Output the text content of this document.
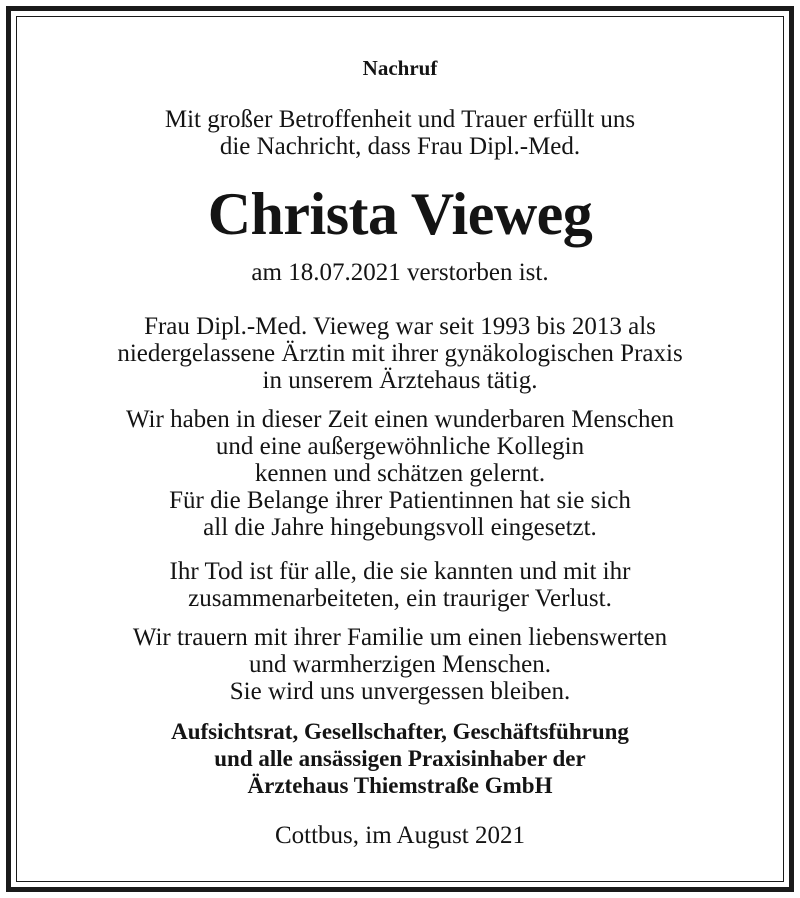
Nachruf
Mit großer Betroffenheit und Trauer erfüllt uns
die Nachricht, dass Frau Dipl.-Med.
Christa Vieweg
am 18.07.2021 verstorben ist.
Frau Dipl.-Med. Vieweg war seit 1993 bis 2013 als
niedergelassene Ärztin mit ihrer gynäkologischen Praxis
in unserem Ärztehaus tätig.
Wir haben in dieser Zeit einen wunderbaren Menschen
und eine außergewöhnliche Kollegin
kennen und schätzen gelernt.
Für die Belange ihrer Patientinnen hat sie sich
all die Jahre hingebungsvoll eingesetzt.
Ihr Tod ist für alle, die sie kannten und mit ihr
zusammenarbeiteten, ein trauriger Verlust.
Wir trauern mit ihrer Familie um einen liebenswerten
und warmherzigen Menschen.
Sie wird uns unvergessen bleiben.
Aufsichtsrat, Gesellschafter, Geschäftsführung
und alle ansässigen Praxisinhaber der
Ärztehaus Thiemstraße GmbH
Cottbus, im August 2021
